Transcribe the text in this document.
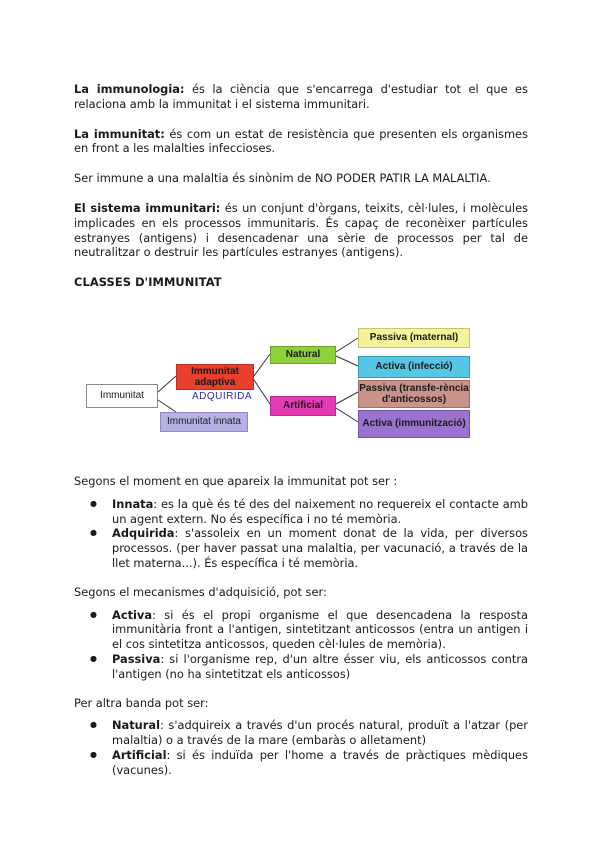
La immunologia: és la ciència que s'encarrega d'estudiar tot el que es relaciona amb la immunitat i el sistema immunitari.

La immunitat: és com un estat de resistència que presenten els organismes en front a les malalties infeccioses.

Ser immune a una malaltia és sinònim de NO PODER PATIR LA MALALTIA.

El sistema immunitari: és un conjunt d'òrgans, teixits, cèl·lules, i molècules implicades en els processos immunitaris. És capaç de reconèixer partícules estranyes (antigens) i desencadenar una sèrie de processos per tal de neutralitzar o destruir les partícules estranyes (antigens).

CLASSES D'IMMUNITAT
Immunitat
Immunitat adaptiva
ADQUIRIDA
Immunitat innata
Natural
Artificial
Passiva (maternal)
Activa (infecció)
Passiva (transfe-rència d'anticossos)
Activa (immunització)

Segons el moment en que apareix la immunitat pot ser :

● Innata: es la què és té des del naixement no requereix el contacte amb un agent extern. No és específica i no té memòria.
● Adquirida: s'assoleix en un moment donat de la vida, per diversos processos. (per haver passat una malaltia, per vacunació, a través de la llet materna...). És específica i té memòria.

Segons el mecanismes d'adquisició, pot ser:

● Activa: si és el propi organisme el que desencadena la resposta immunitària front a l'antigen, sintetitzant anticossos (entra un antigen i el cos sintetitza anticossos, queden cèl·lules de memòria).
● Passiva: si l'organisme rep, d'un altre ésser viu, els anticossos contra l'antigen (no ha sintetitzat els anticossos)

Per altra banda pot ser:

● Natural: s'adquireix a través d'un procés natural, produït a l'atzar (per malaltia) o a través de la mare (embaràs o alletament)
● Artificial: si és induïda per l'home a través de pràctiques mèdiques (vacunes).
